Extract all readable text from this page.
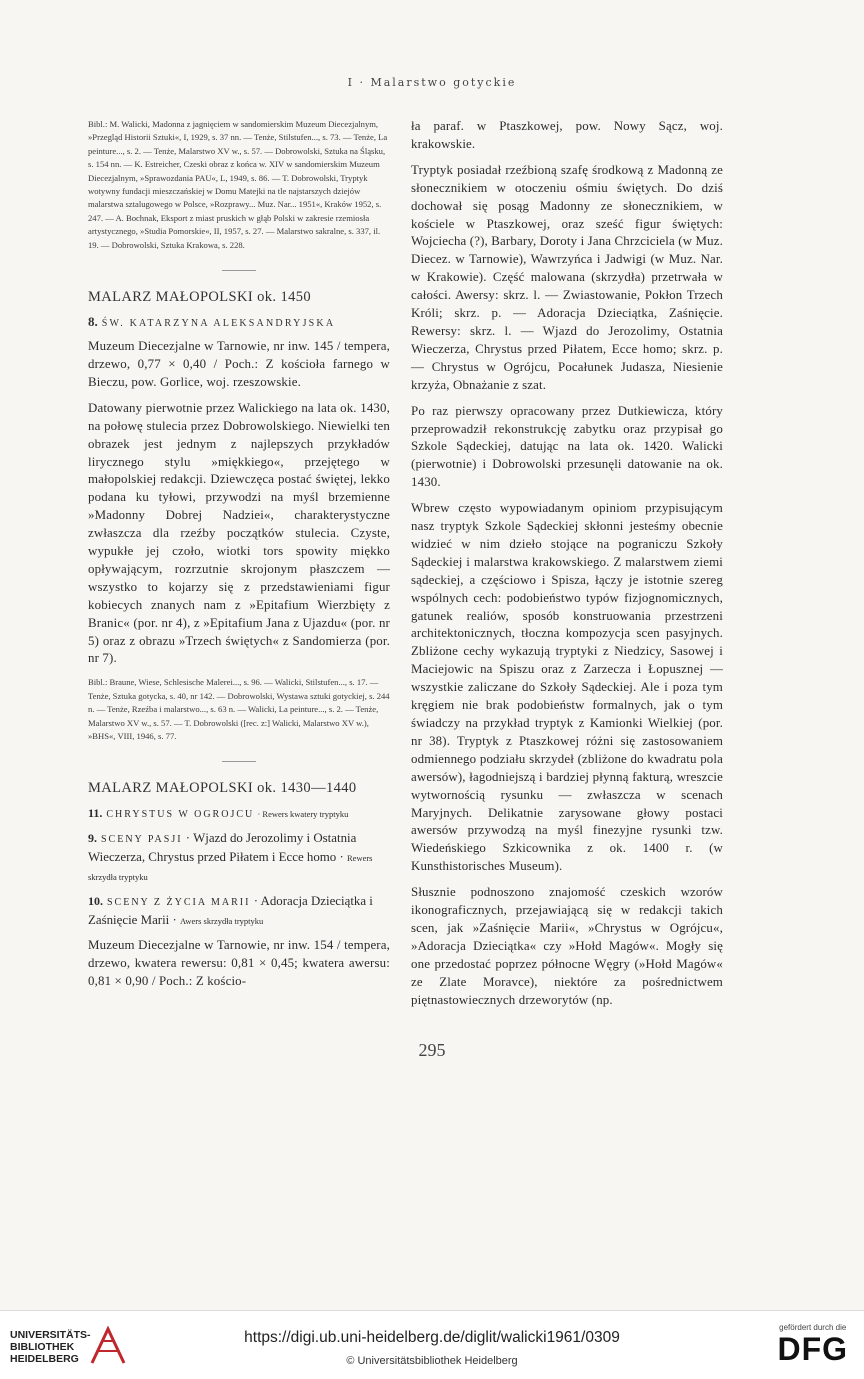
I · Malarstwo gotyckie

Bibl.: M. Walicki, Madonna z jagnięciem w sandomierskim Muzeum Diecezjalnym, »Przegląd Historii Sztuki«, I, 1929, s. 37 nn. — Tenże, Stilstufen..., s. 73. — Tenże, La peinture..., s. 2. — Tenże, Malarstwo XV w., s. 57. — Dobrowolski, Sztuka na Śląsku, s. 154 nn. — K. Estreicher, Czeski obraz z końca w. XIV w sandomierskim Muzeum Diecezjalnym, »Sprawozdania PAU«, L, 1949, s. 86. — T. Dobrowolski, Tryptyk wotywny fundacji mieszczańskiej w Domu Matejki na tle najstarszych dziejów malarstwa sztalugowego w Polsce, »Rozprawy... Muz. Nar... 1951«, Kraków 1952, s. 247. — A. Bochnak, Eksport z miast pruskich w głąb Polski w zakresie rzemiosła artystycznego, »Studia Pomorskie«, II, 1957, s. 27. — Malarstwo sakralne, s. 337, il. 19. — Dobrowolski, Sztuka Krakowa, s. 228.

MALARZ MAŁOPOLSKI ok. 1450

8. ŚW. KATARZYNA ALEKSANDRYJSKA

Muzeum Diecezjalne w Tarnowie, nr inw. 145 / tempera, drzewo, 0,77 × 0,40 / Poch.: Z kościoła farnego w Bieczu, pow. Gorlice, woj. rzeszowskie.

Datowany pierwotnie przez Walickiego na lata ok. 1430, na połowę stulecia przez Dobrowolskiego. Niewielki ten obrazek jest jednym z najlepszych przykładów lirycznego stylu »miękkiego«, przejętego w małopolskiej redakcji. Dziewczęca postać świętej, lekko podana ku tyłowi, przywodzi na myśl brzemienne »Madonny Dobrej Nadziei«, charakterystyczne zwłaszcza dla rzeźby początków stulecia. Czyste, wypukłe jej czoło, wiotki tors spowity miękko opływającym, rozrzutnie skrojonym płaszczem — wszystko to kojarzy się z przedstawieniami figur kobiecych znanych nam z »Epitafium Wierzbięty z Branic« (por. nr 4), z »Epitafium Jana z Ujazdu« (por. nr 5) oraz z obrazu »Trzech świętych« z Sandomierza (por. nr 7).

Bibl.: Braune, Wiese, Schlesische Malerei..., s. 96. — Walicki, Stilstufen..., s. 17. — Tenże, Sztuka gotycka, s. 40, nr 142. — Dobrowolski, Wystawa sztuki gotyckiej, s. 244 n. — Tenże, Rzeźba i malarstwo..., s. 63 n. — Walicki, La peinture..., s. 2. — Tenże, Malarstwo XV w., s. 57. — T. Dobrowolski ([rec. z:] Walicki, Malarstwo XV w.), »BHS«, VIII, 1946, s. 77.

MALARZ MAŁOPOLSKI ok. 1430—1440

11. CHRYSTUS W OGROJCU · Rewers kwatery tryptyku

9. SCENY PASJI · Wjazd do Jerozolimy i Ostatnia Wieczerza, Chrystus przed Piłatem i Ecce homo · Rewers skrzydła tryptyku

10. SCENY Z ŻYCIA MARII · Adoracja Dzieciątka i Zaśnięcie Marii · Awers skrzydła tryptyku

Muzeum Diecezjalne w Tarnowie, nr inw. 154 / tempera, drzewo, kwatera rewersu: 0,81 × 0,45; kwatera awersu: 0,81 × 0,90 / Poch.: Z kościo-

ła paraf. w Ptaszkowej, pow. Nowy Sącz, woj. krakowskie.

Tryptyk posiadał rzeźbioną szafę środkową z Madonną ze słonecznikiem w otoczeniu ośmiu świętych. Do dziś dochował się posąg Madonny ze słonecznikiem, w kościele w Ptaszkowej, oraz sześć figur świętych: Wojciecha (?), Barbary, Doroty i Jana Chrzciciela (w Muz. Diecez. w Tarnowie), Wawrzyńca i Jadwigi (w Muz. Nar. w Krakowie). Część malowana (skrzydła) przetrwała w całości. Awersy: skrz. l. — Zwiastowanie, Pokłon Trzech Króli; skrz. p. — Adoracja Dzieciątka, Zaśnięcie. Rewersy: skrz. l. — Wjazd do Jerozolimy, Ostatnia Wieczerza, Chrystus przed Piłatem, Ecce homo; skrz. p. — Chrystus w Ogrójcu, Pocałunek Judasza, Niesienie krzyża, Obnażanie z szat.

Po raz pierwszy opracowany przez Dutkiewicza, który przeprowadził rekonstrukcję zabytku oraz przypisał go Szkole Sądeckiej, datując na lata ok. 1420. Walicki (pierwotnie) i Dobrowolski przesunęli datowanie na ok. 1430.

Wbrew często wypowiadanym opiniom przypisującym nasz tryptyk Szkole Sądeckiej skłonni jesteśmy obecnie widzieć w nim dzieło stojące na pograniczu Szkoły Sądeckiej i malarstwa krakowskiego. Z malarstwem ziemi sądeckiej, a częściowo i Spisza, łączy je istotnie szereg wspólnych cech: podobieństwo typów fizjognomicznych, gatunek realiów, sposób konstruowania przestrzeni architektonicznych, tłoczna kompozycja scen pasyjnych. Zbliżone cechy wykazują tryptyki z Niedzicy, Sasowej i Maciejowic na Spiszu oraz z Zarzecza i Łopusznej — wszystkie zaliczane do Szkoły Sądeckiej. Ale i poza tym kręgiem nie brak podobieństw formalnych, jak o tym świadczy na przykład tryptyk z Kamionki Wielkiej (por. nr 38). Tryptyk z Ptaszkowej różni się zastosowaniem odmiennego podziału skrzydeł (zbliżone do kwadratu pola awersów), łagodniejszą i bardziej płynną fakturą, wreszcie wytwornością rysunku — zwłaszcza w scenach Maryjnych. Delikatnie zarysowane głowy postaci awersów przywodzą na myśl finezyjne rysunki tzw. Wiedeńskiego Szkicownika z ok. 1400 r. (w Kunsthistorisches Museum).

Słusznie podnoszono znajomość czeskich wzorów ikonograficznych, przejawiającą się w redakcji takich scen, jak »Zaśnięcie Marii«, »Chrystus w Ogrójcu«, »Adoracja Dzieciątka« czy »Hołd Magów«. Mogły się one przedostać poprzez północne Węgry (»Hołd Magów« ze Zlate Moravce), niektóre za pośrednictwem piętnastowiecznych drzeworytów (np.

295
UNIVERSITÄTS-
BIBLIOTHEK
HEIDELBERG
https://digi.ub.uni-heidelberg.de/diglit/walicki1961/0309
© Universitätsbibliothek Heidelberg
gefördert durch die
DFG
